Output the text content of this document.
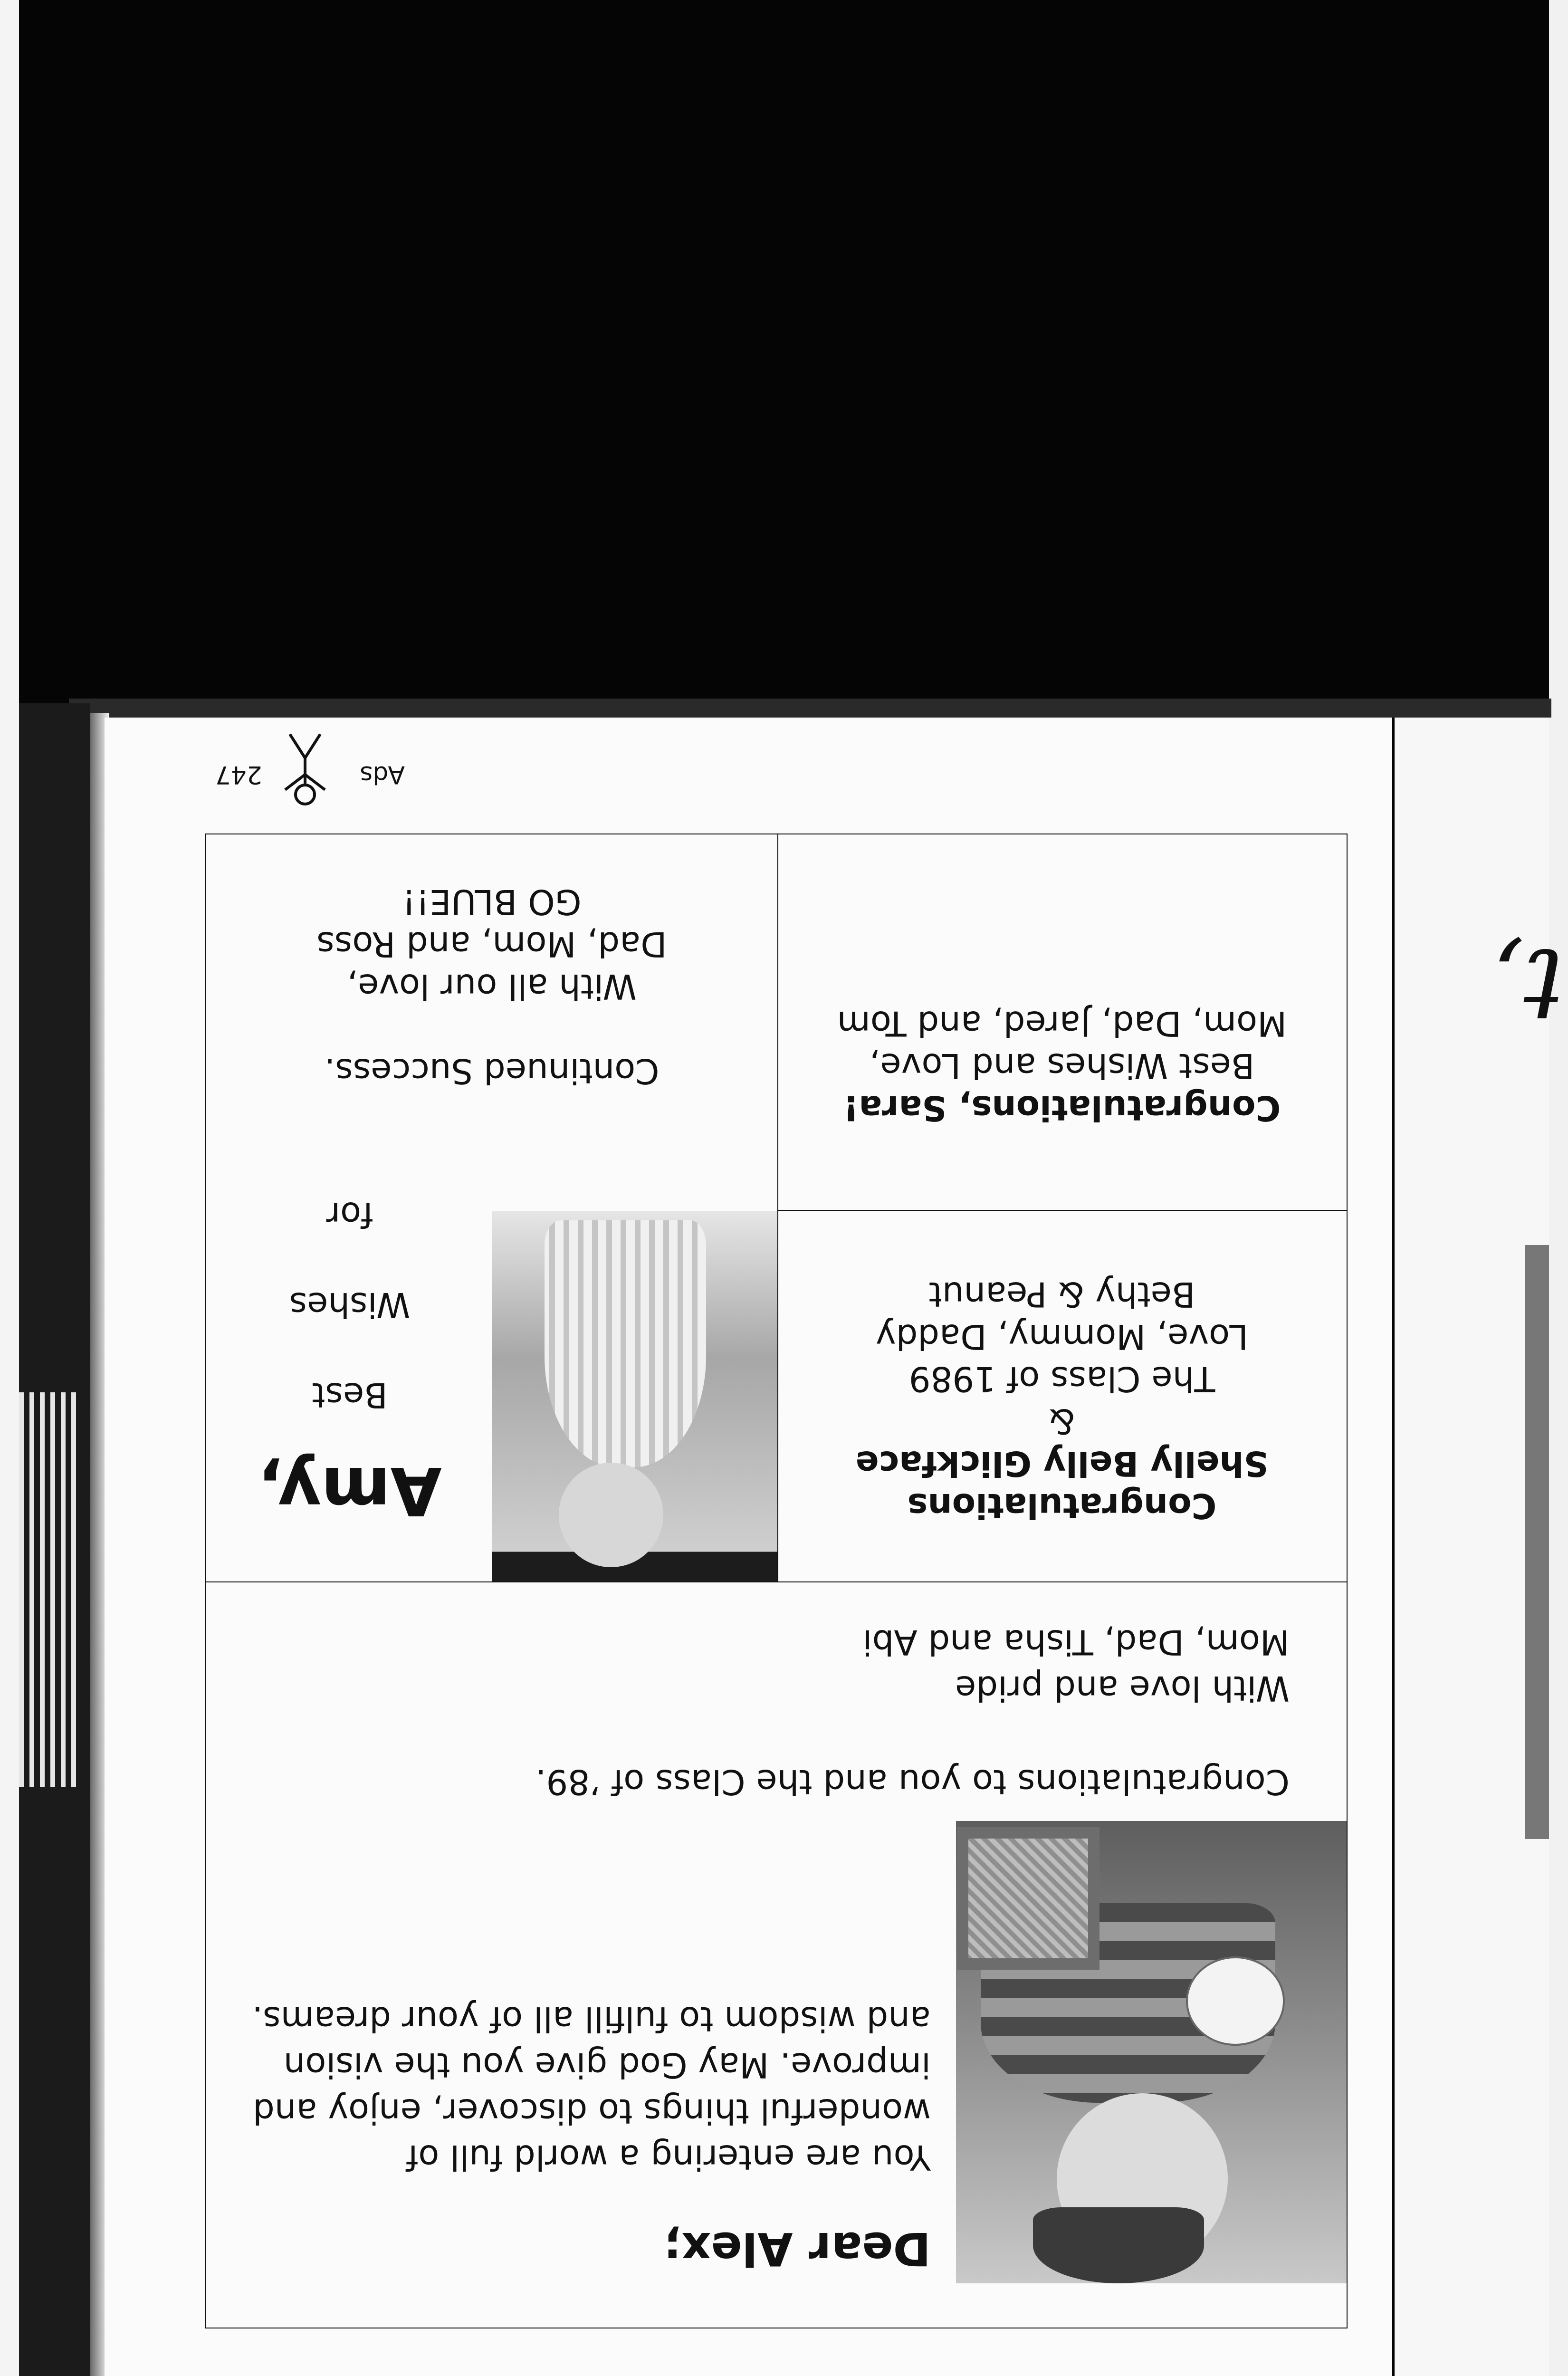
t,

Dear Alex;

You are entering a world full of wonderful things to discover, enjoy and improve. May God give you the vision and wisdom to fulfill all of your dreams.

Congratulations to you and the Class of ’89.

With love and pride

Mom, Dad, Tisha and Abi

Congratulations
Shelly Belly Glickface
&
The Class of 1989
Love, Mommy, Daddy
Bethy & Peanut

Congratulations, Sara!

Best Wishes and Love,
Mom, Dad, Jared, and Tom

Amy,

Best

Wishes

for

Continued Success.

With all our love,

Dad, Mom, and Ross

GO BLUE!!

Ads
247
